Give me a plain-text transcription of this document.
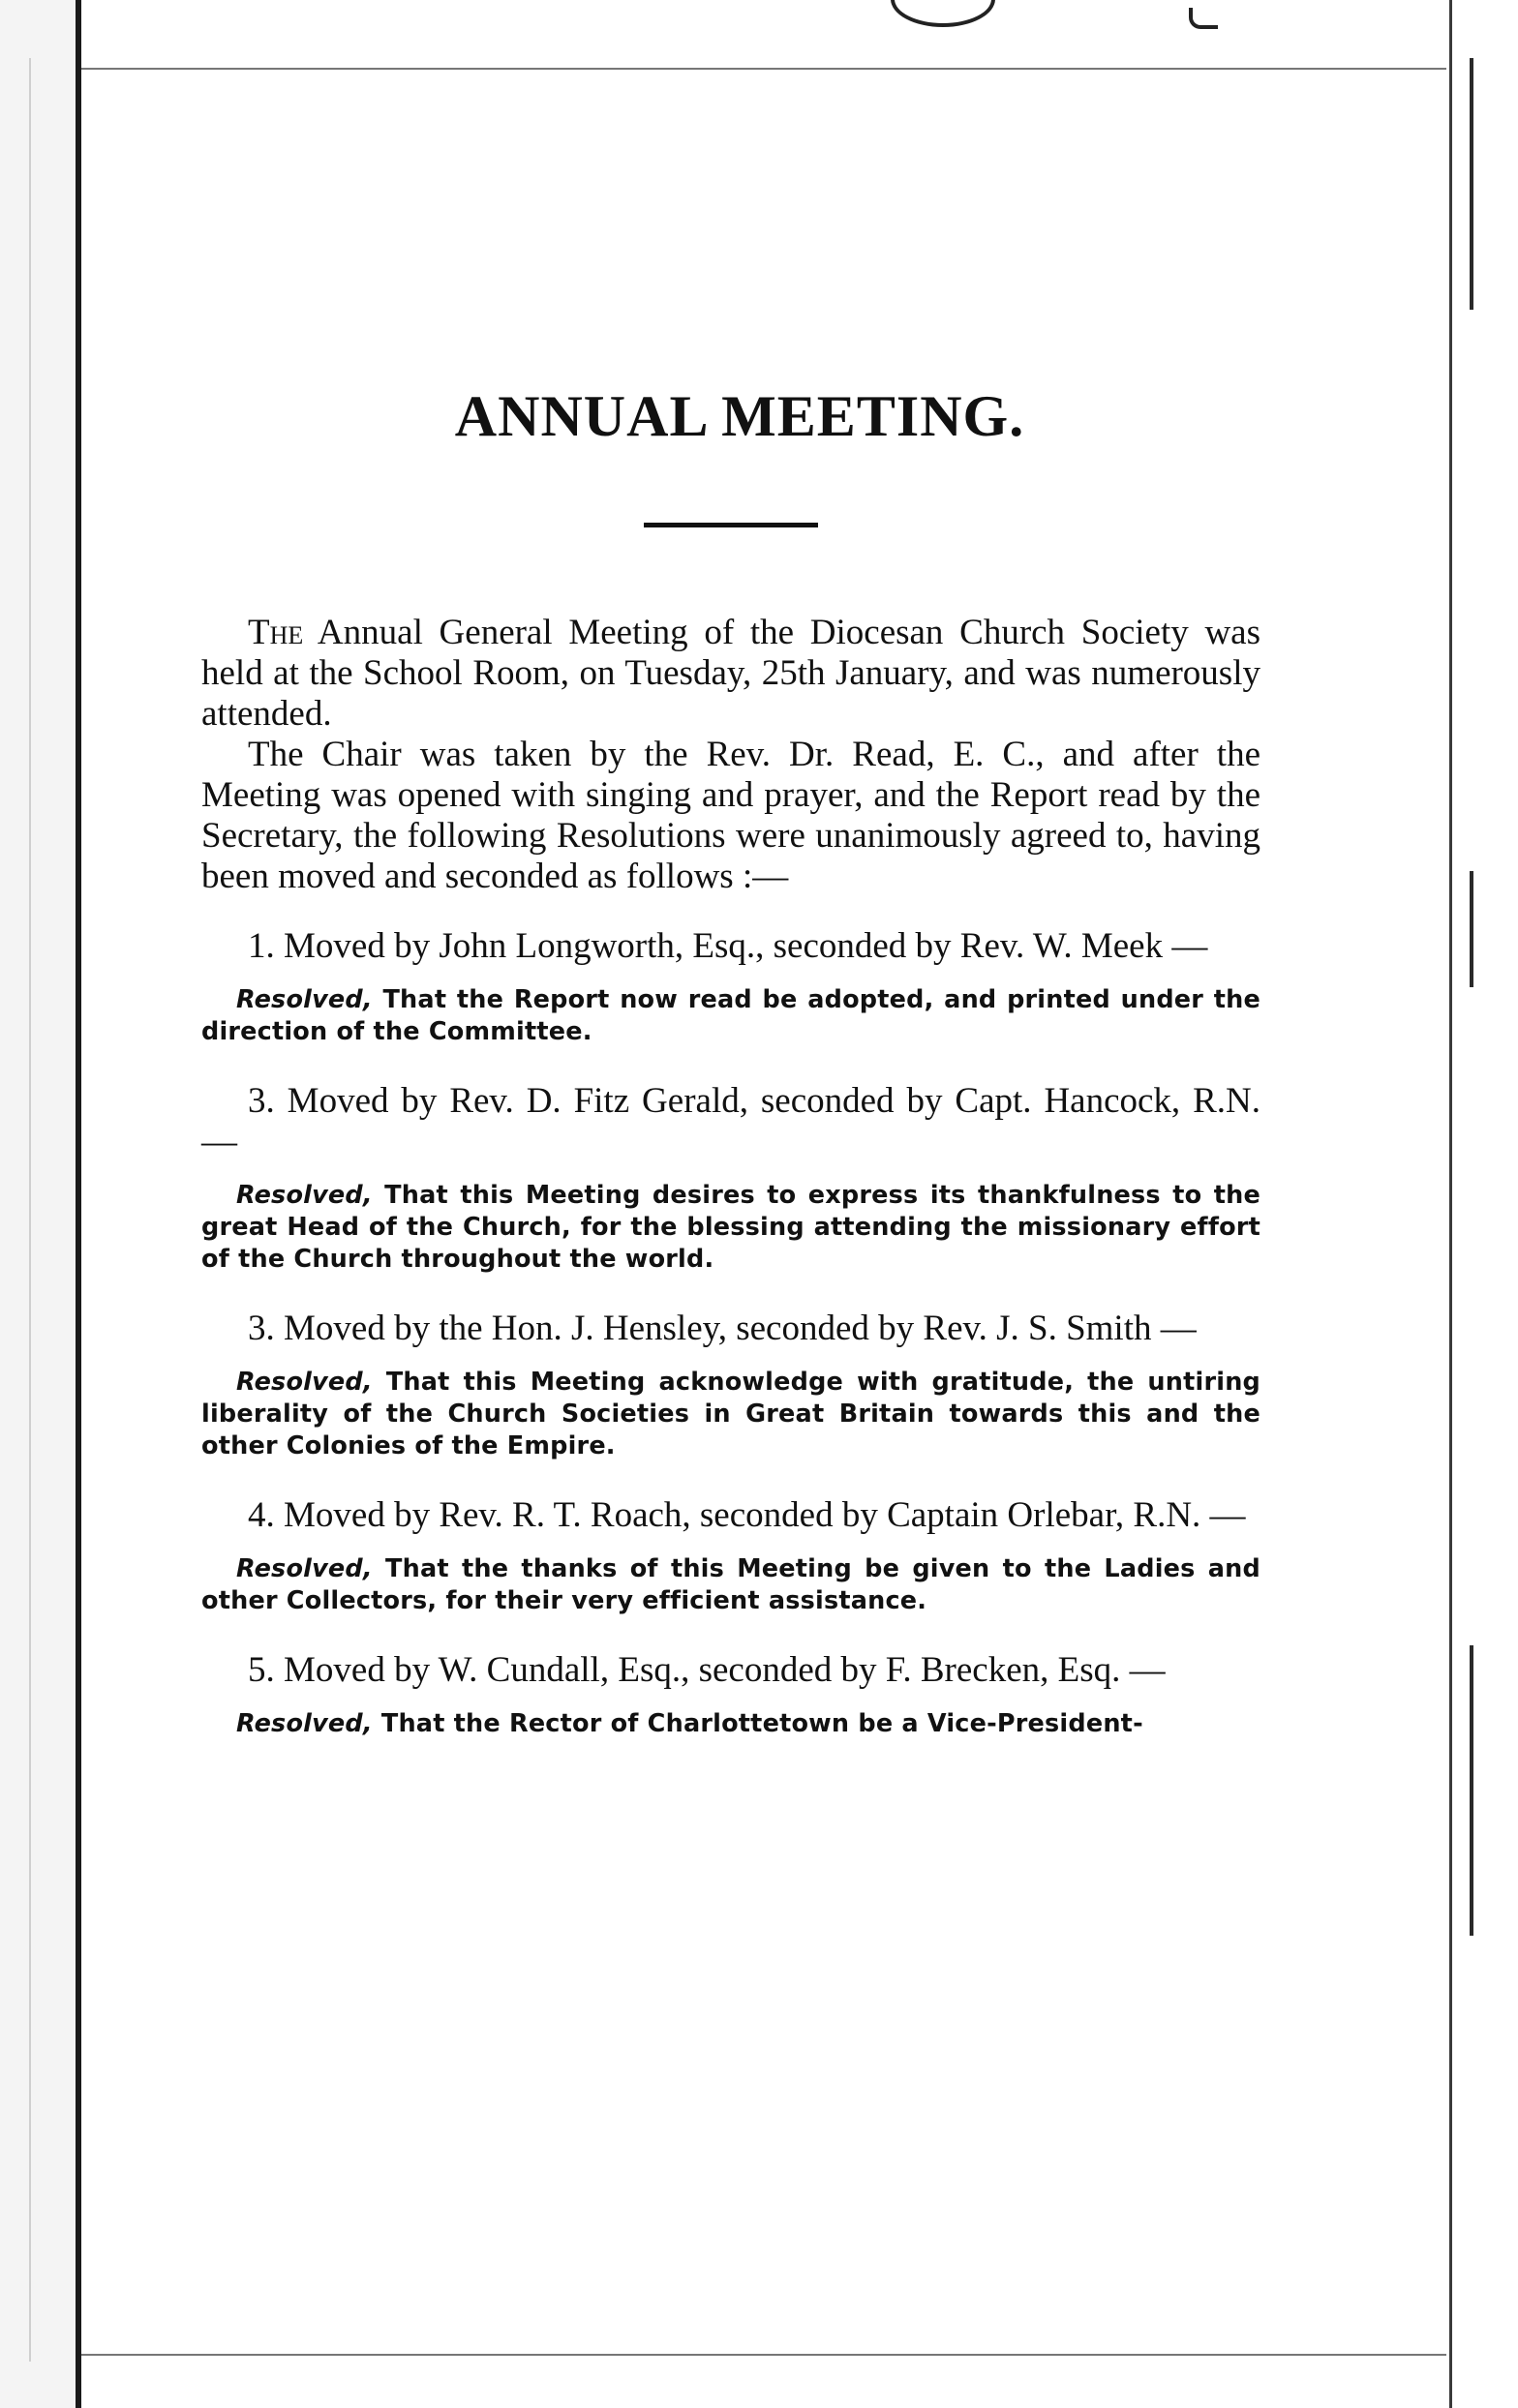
ANNUAL MEETING.

The Annual General Meeting of the Diocesan Church Society was held at the School Room, on Tuesday, 25th January, and was numerously attended.

The Chair was taken by the Rev. Dr. Read, E. C., and after the Meeting was opened with singing and prayer, and the Report read by the Secretary, the following Resolutions were unanimously agreed to, having been moved and seconded as follows :—

1. Moved by John Longworth, Esq., seconded by Rev. W. Meek —

Resolved, That the Report now read be adopted, and printed under the direction of the Committee.

3. Moved by Rev. D. Fitz Gerald, seconded by Capt. Hancock, R.N. —

Resolved, That this Meeting desires to express its thankfulness to the great Head of the Church, for the blessing attending the missionary effort of the Church throughout the world.

3. Moved by the Hon. J. Hensley, seconded by Rev. J. S. Smith —

Resolved, That this Meeting acknowledge with gratitude, the untiring liberality of the Church Societies in Great Britain towards this and the other Colonies of the Empire.

4. Moved by Rev. R. T. Roach, seconded by Captain Orlebar, R.N. —

Resolved, That the thanks of this Meeting be given to the Ladies and other Collectors, for their very efficient assistance.

5. Moved by W. Cundall, Esq., seconded by F. Brecken, Esq. —

Resolved, That the Rector of Charlottetown be a Vice-President-
